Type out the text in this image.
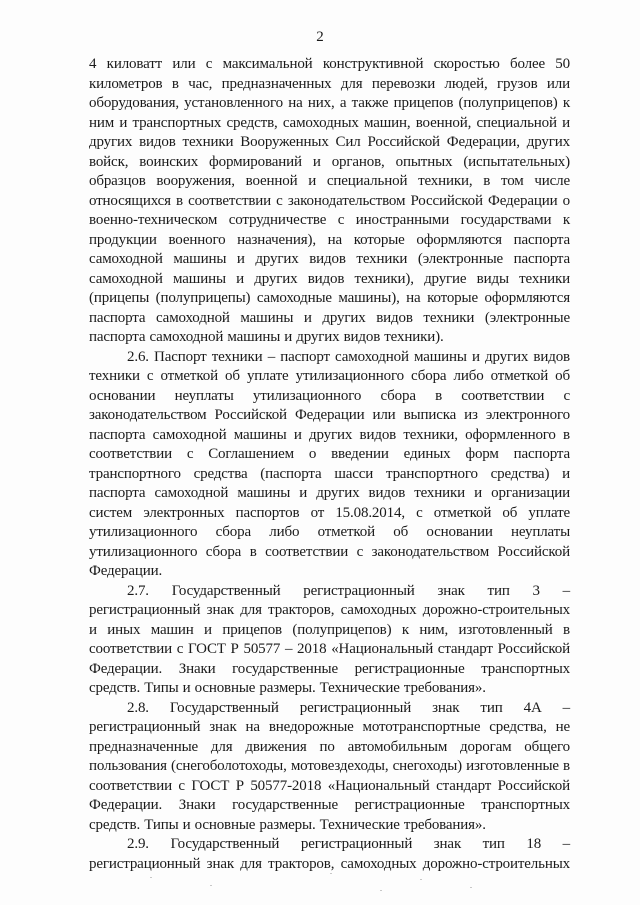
2

4 киловатт или с максимальной конструктивной скоростью более 50 километров в час, предназначенных для перевозки людей, грузов или оборудования, установленного на них, а также прицепов (полуприцепов) к ним и транспортных средств, самоходных машин, военной, специальной и других видов техники Вооруженных Сил Российской Федерации, других войск, воинских формирований и органов, опытных (испытательных) образцов вооружения, военной и специальной техники, в том числе относящихся в соответствии с законодательством Российской Федерации о военно-техническом сотрудничестве с иностранными государствами к продукции военного назначения), на которые оформляются паспорта самоходной машины и других видов техники (электронные паспорта самоходной машины и других видов техники), другие виды техники (прицепы (полуприцепы) самоходные машины), на которые оформляются паспорта самоходной машины и других видов техники (электронные паспорта самоходной машины и других видов техники).

2.6. Паспорт техники – паспорт самоходной машины и других видов техники с отметкой об уплате утилизационного сбора либо отметкой об основании неуплаты утилизационного сбора в соответствии с законодательством Российской Федерации или выписка из электронного паспорта самоходной машины и других видов техники, оформленного в соответствии с Соглашением о введении единых форм паспорта транспортного средства (паспорта шасси транспортного средства) и паспорта самоходной машины и других видов техники и организации систем электронных паспортов от 15.08.2014, с отметкой об уплате утилизационного сбора либо отметкой об основании неуплаты утилизационного сбора в соответствии с законодательством Российской Федерации.

2.7. Государственный регистрационный знак тип 3 – регистрационный знак для тракторов, самоходных дорожно-строительных и иных машин и прицепов (полуприцепов) к ним, изготовленный в соответствии с ГОСТ Р 50577 – 2018 «Национальный стандарт Российской Федерации. Знаки государственные регистрационные транспортных средств. Типы и основные размеры. Технические требования».

2.8. Государственный регистрационный знак тип 4А – регистрационный знак на внедорожные мототранспортные средства, не предназначенные для движения по автомобильным дорогам общего пользования (снегоболотоходы, мотовездеходы, снегоходы) изготовленные в соответствии с ГОСТ Р 50577-2018 «Национальный стандарт Российской Федерации. Знаки государственные регистрационные транспортных средств. Типы и основные размеры. Технические требования».

2.9. Государственный регистрационный знак тип 18 – регистрационный знак для тракторов, самоходных дорожно-строительных
